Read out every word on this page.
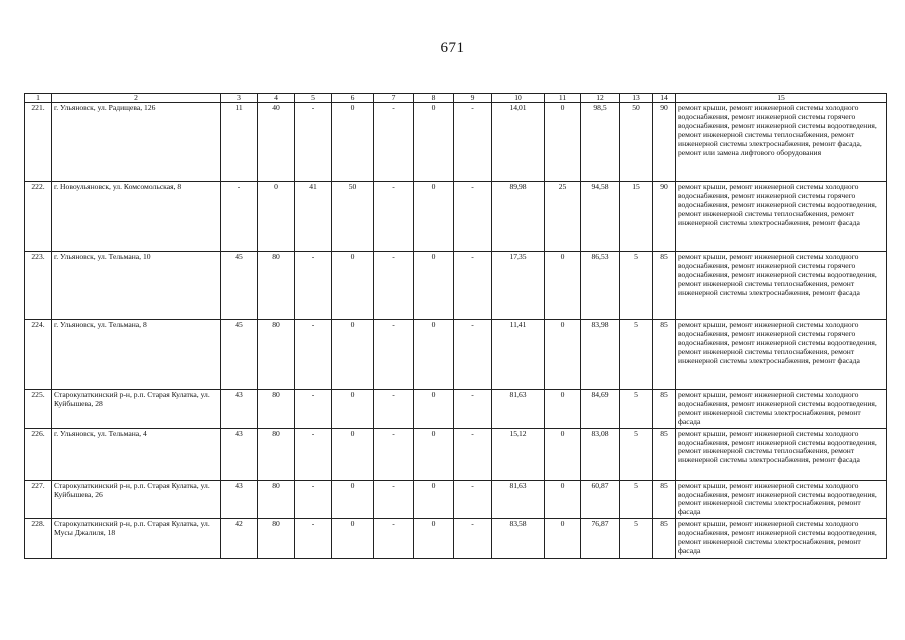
671
1	2	3	4	5	6	7	8	9	10	11	12	13	14	15
221.	г. Ульяновск, ул. Радищева, 126	11	40	-	0	-	0	-	14,01	0	98,5	50	90	ремонт крыши, ремонт инженерной системы холодного водоснабжения, ремонт инженерной системы горячего водоснабжения, ремонт инженерной системы водоотведения, ремонт инженерной системы теплоснабжения, ремонт инженерной системы электроснабжения, ремонт фасада, ремонт или замена лифтового оборудования
222.	г. Новоульяновск, ул. Комсомольская, 8	-	0	41	50	-	0	-	89,98	25	94,58	15	90	ремонт крыши, ремонт инженерной системы холодного водоснабжения, ремонт инженерной системы горячего водоснабжения, ремонт инженерной системы водоотведения, ремонт инженерной системы теплоснабжения, ремонт инженерной системы электроснабжения, ремонт фасада
223.	г. Ульяновск, ул. Тельмана, 10	45	80	-	0	-	0	-	17,35	0	86,53	5	85	ремонт крыши, ремонт инженерной системы холодного водоснабжения, ремонт инженерной системы горячего водоснабжения, ремонт инженерной системы водоотведения, ремонт инженерной системы теплоснабжения, ремонт инженерной системы электроснабжения, ремонт фасада
224.	г. Ульяновск, ул. Тельмана, 8	45	80	-	0	-	0	-	11,41	0	83,98	5	85	ремонт крыши, ремонт инженерной системы холодного водоснабжения, ремонт инженерной системы горячего водоснабжения, ремонт инженерной системы водоотведения, ремонт инженерной системы теплоснабжения, ремонт инженерной системы электроснабжения, ремонт фасада
225.	Старокулаткинский р-н, р.п. Старая Кулатка, ул. Куйбышева, 28	43	80	-	0	-	0	-	81,63	0	84,69	5	85	ремонт крыши, ремонт инженерной системы холодного водоснабжения, ремонт инженерной системы водоотведения, ремонт инженерной системы электроснабжения, ремонт фасада
226.	г. Ульяновск, ул. Тельмана, 4	43	80	-	0	-	0	-	15,12	0	83,08	5	85	ремонт крыши, ремонт инженерной системы холодного водоснабжения, ремонт инженерной системы водоотведения, ремонт инженерной системы теплоснабжения, ремонт инженерной системы электроснабжения, ремонт фасада
227.	Старокулаткинский р-н, р.п. Старая Кулатка, ул. Куйбышева, 26	43	80	-	0	-	0	-	81,63	0	60,87	5	85	ремонт крыши, ремонт инженерной системы холодного водоснабжения, ремонт инженерной системы водоотведения, ремонт инженерной системы электроснабжения, ремонт фасада
228.	Старокулаткинский р-н, р.п. Старая Кулатка, ул. Мусы Джалиля, 18	42	80	-	0	-	0	-	83,58	0	76,87	5	85	ремонт крыши, ремонт инженерной системы холодного водоснабжения, ремонт инженерной системы водоотведения, ремонт инженерной системы электроснабжения, ремонт фасада
